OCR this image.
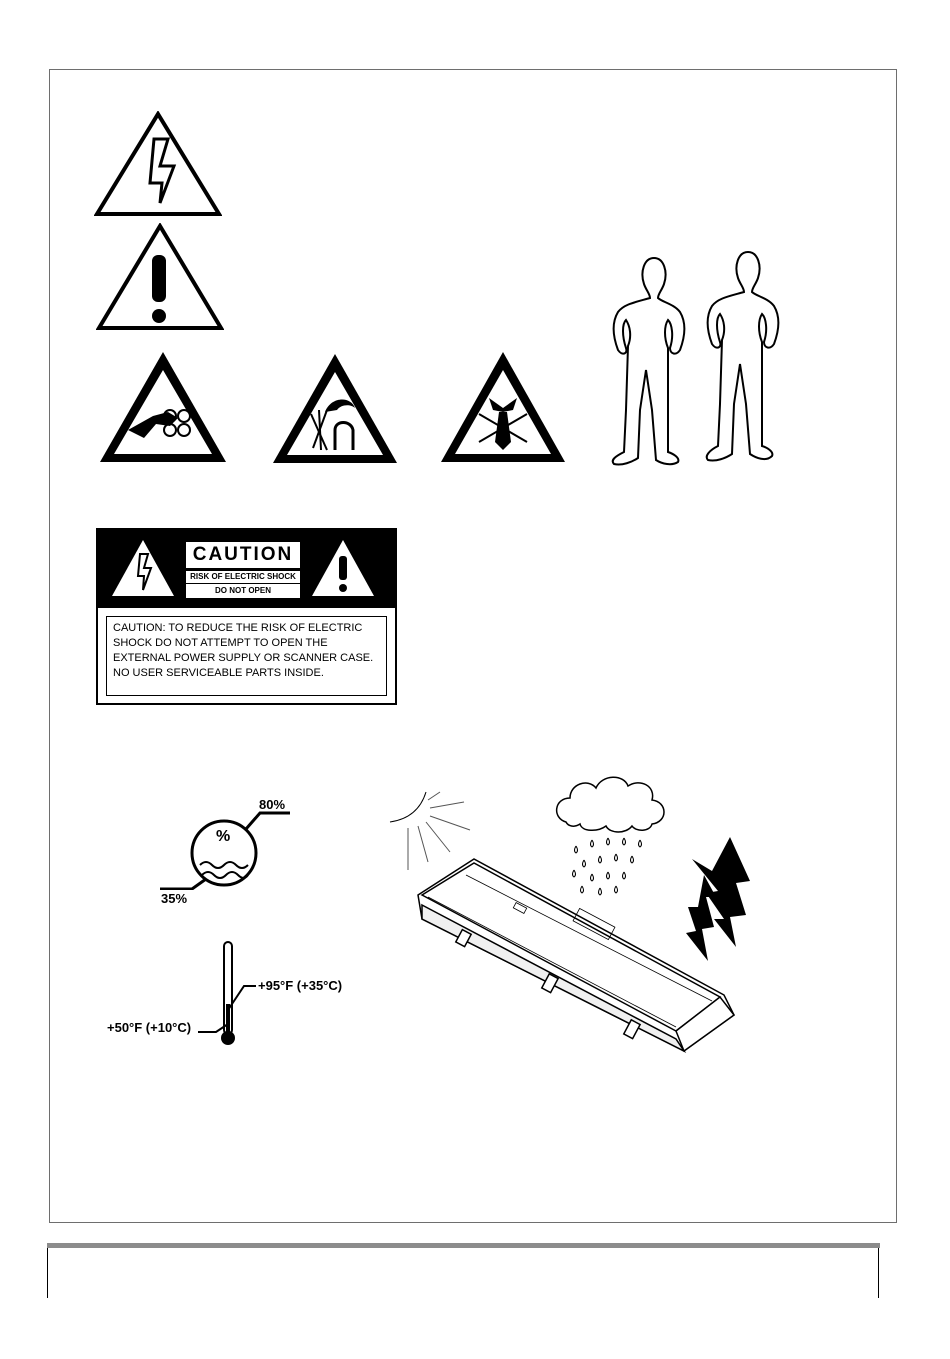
CAUTION
RISK OF ELECTRIC SHOCK
DO NOT OPEN
CAUTION: TO REDUCE THE RISK OF ELECTRIC SHOCK DO NOT ATTEMPT TO OPEN THE EXTERNAL POWER SUPPLY OR SCANNER CASE. NO USER SERVICEABLE PARTS INSIDE.
%
80%
35%
+95°F (+35°C)
+50°F (+10°C)
